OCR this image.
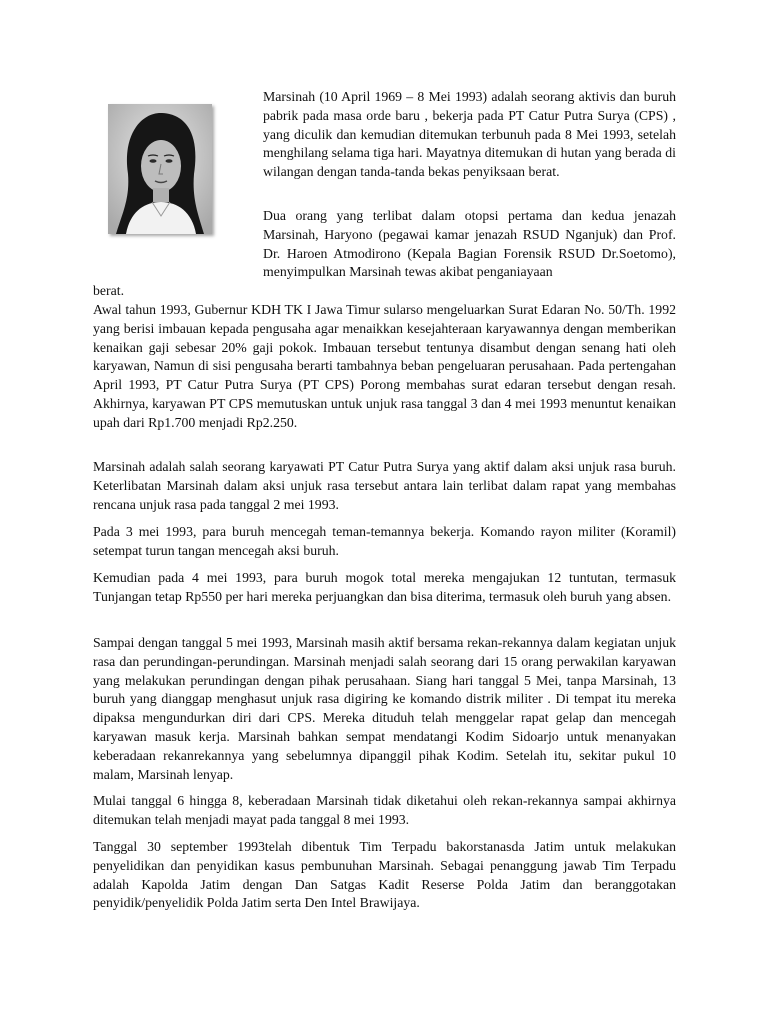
Marsinah (10 April 1969 – 8 Mei 1993) adalah seorang aktivis dan buruh pabrik pada masa orde baru , bekerja pada PT Catur Putra Surya (CPS) , yang diculik dan kemudian ditemukan terbunuh pada 8 Mei 1993, setelah menghilang selama tiga hari. Mayatnya ditemukan di hutan yang berada di wilangan dengan tanda-tanda bekas penyiksaan berat.

Dua orang yang terlibat dalam otopsi pertama dan kedua jenazah Marsinah, Haryono (pegawai kamar jenazah RSUD Nganjuk) dan Prof. Dr. Haroen Atmodirono (Kepala Bagian Forensik RSUD Dr.Soetomo), menyimpulkan Marsinah tewas akibat penganiayaan

berat.

Awal tahun 1993, Gubernur KDH TK I Jawa Timur sularso mengeluarkan Surat Edaran No. 50/Th. 1992 yang berisi imbauan kepada pengusaha agar menaikkan kesejahteraan karyawannya dengan memberikan kenaikan gaji sebesar 20% gaji pokok. Imbauan tersebut tentunya disambut dengan senang hati oleh karyawan, Namun di sisi pengusaha berarti tambahnya beban pengeluaran perusahaan. Pada pertengahan April 1993, PT Catur Putra Surya (PT CPS) Porong membahas surat edaran tersebut dengan resah. Akhirnya, karyawan PT CPS memutuskan untuk unjuk rasa tanggal 3 dan 4 mei 1993 menuntut kenaikan upah dari Rp1.700 menjadi Rp2.250.

Marsinah adalah salah seorang karyawati PT Catur Putra Surya yang aktif dalam aksi unjuk rasa buruh. Keterlibatan Marsinah dalam aksi unjuk rasa tersebut antara lain terlibat dalam rapat yang membahas rencana unjuk rasa pada tanggal 2 mei 1993.

Pada 3 mei 1993, para buruh mencegah teman-temannya bekerja. Komando rayon militer (Koramil) setempat turun tangan mencegah aksi buruh.

Kemudian pada 4 mei 1993, para buruh mogok total mereka mengajukan 12 tuntutan, termasuk Tunjangan tetap Rp550 per hari mereka perjuangkan dan bisa diterima, termasuk oleh buruh yang absen.

Sampai dengan tanggal 5 mei 1993, Marsinah masih aktif bersama rekan-rekannya dalam kegiatan unjuk rasa dan perundingan-perundingan. Marsinah menjadi salah seorang dari 15 orang perwakilan karyawan yang melakukan perundingan dengan pihak perusahaan. Siang hari tanggal 5 Mei, tanpa Marsinah, 13 buruh yang dianggap menghasut unjuk rasa digiring ke komando distrik militer . Di tempat itu mereka dipaksa mengundurkan diri dari CPS. Mereka dituduh telah menggelar rapat gelap dan mencegah karyawan masuk kerja. Marsinah bahkan sempat mendatangi Kodim Sidoarjo untuk menanyakan keberadaan rekanrekannya yang sebelumnya dipanggil pihak Kodim. Setelah itu, sekitar pukul 10 malam, Marsinah lenyap.

Mulai tanggal 6 hingga 8, keberadaan Marsinah tidak diketahui oleh rekan-rekannya sampai akhirnya ditemukan telah menjadi mayat pada tanggal 8 mei 1993.

Tanggal 30 september 1993telah dibentuk Tim Terpadu bakorstanasda Jatim untuk melakukan penyelidikan dan penyidikan kasus pembunuhan Marsinah. Sebagai penanggung jawab Tim Terpadu adalah Kapolda Jatim dengan Dan Satgas Kadit Reserse Polda Jatim dan beranggotakan penyidik/penyelidik Polda Jatim serta Den Intel Brawijaya.
